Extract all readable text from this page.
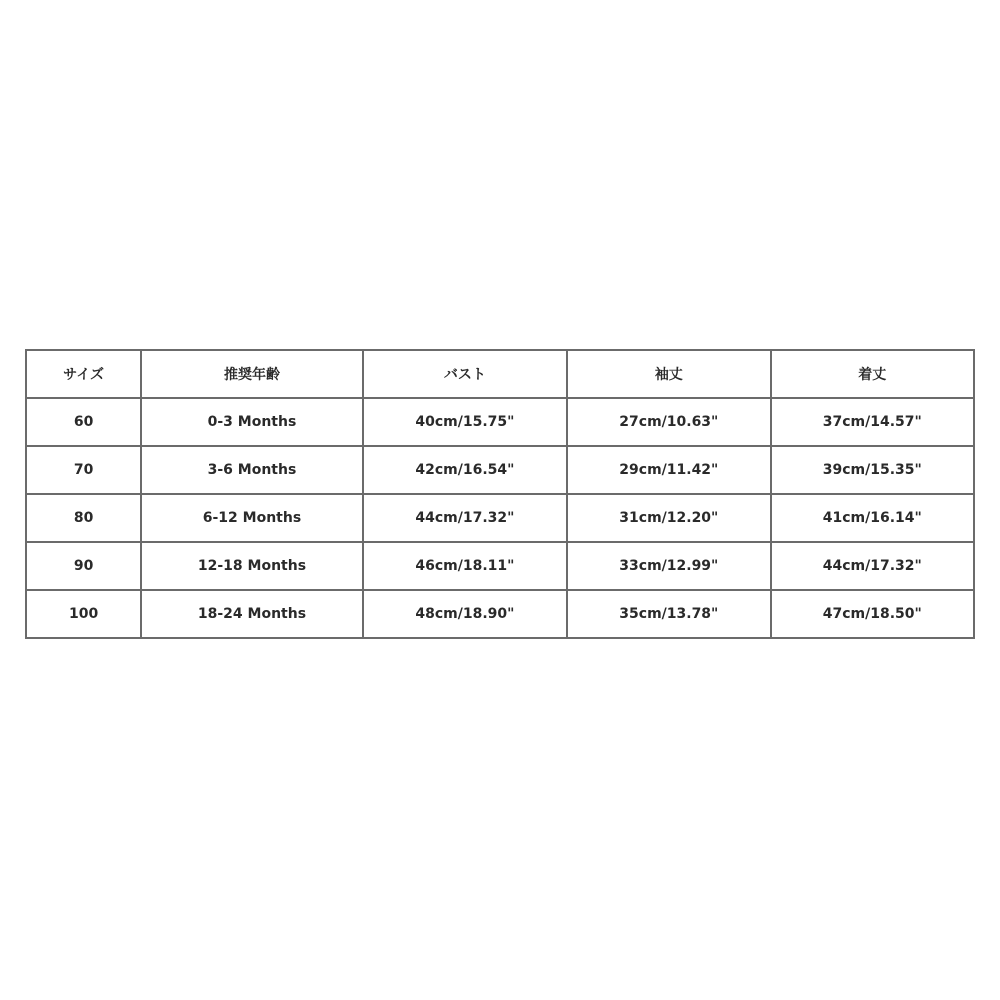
サイズ	推奨年齢	バスト	袖丈	着丈
60	0-3 Months	40cm/15.75"	27cm/10.63"	37cm/14.57"
70	3-6 Months	42cm/16.54"	29cm/11.42"	39cm/15.35"
80	6-12 Months	44cm/17.32"	31cm/12.20"	41cm/16.14"
90	12-18 Months	46cm/18.11"	33cm/12.99"	44cm/17.32"
100	18-24 Months	48cm/18.90"	35cm/13.78"	47cm/18.50"
